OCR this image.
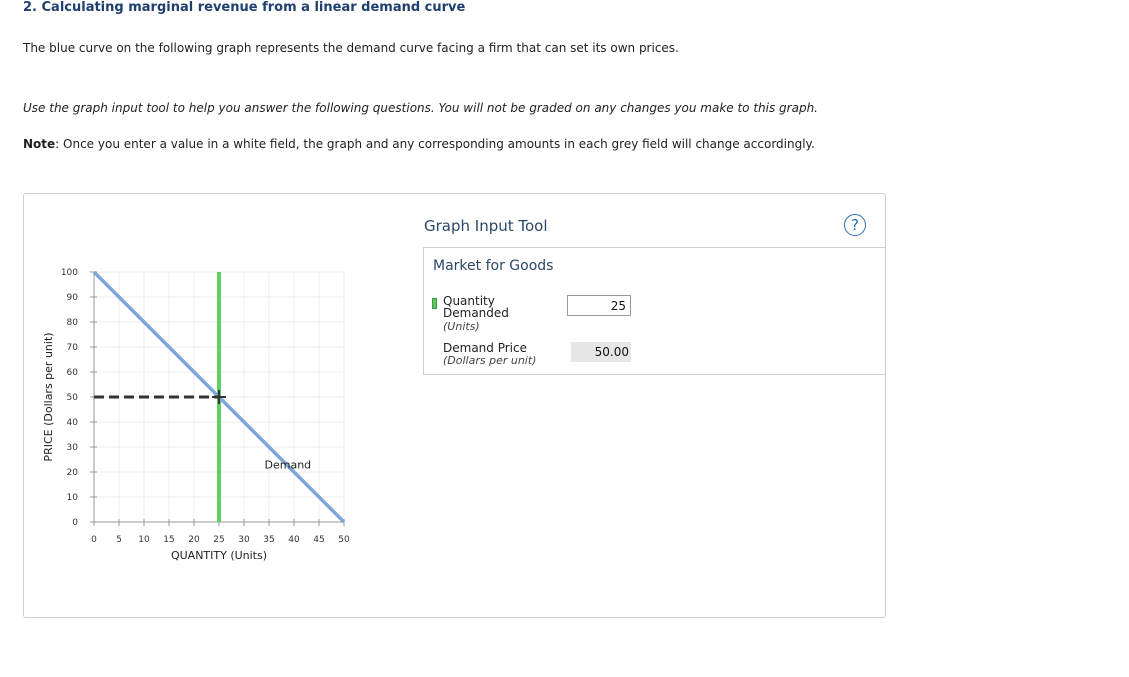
2. Calculating marginal revenue from a linear demand curve
The blue curve on the following graph represents the demand curve facing a firm that can set its own prices.
Use the graph input tool to help you answer the following questions. You will not be graded on any changes you make to this graph.
Note: Once you enter a value in a white field, the graph and any corresponding amounts in each grey field will change accordingly.
0
10
20
30
40
50
60
70
80
90
100
0 5 10 15 20 25 30 35 40 45 50
QUANTITY (Units)
PRICE (Dollars per unit)
Demand
Graph Input Tool	?
Market for Goods
Quantity
Demanded
(Units)
25
Demand Price
(Dollars per unit)
50.00
